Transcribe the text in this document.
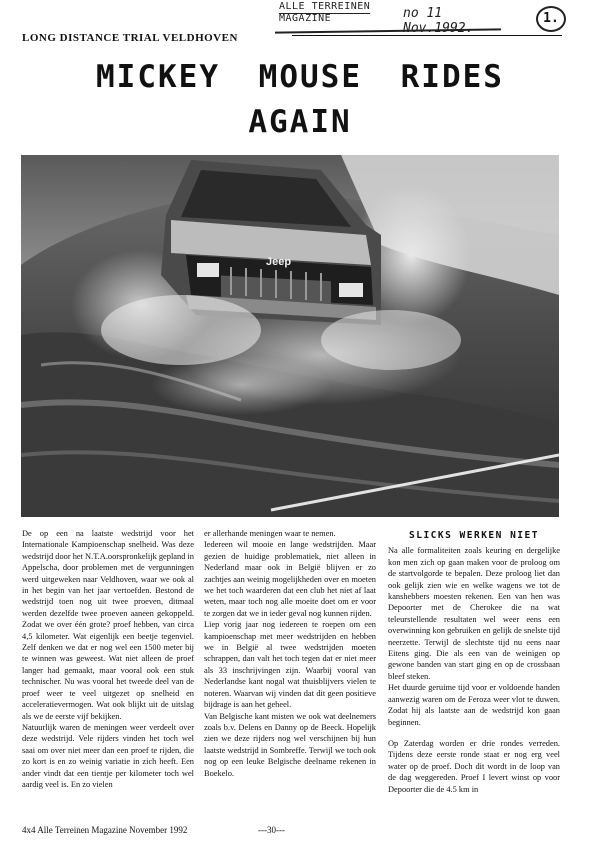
ALLE TERREINEN
MAGAZINE	no 11 Nov.1992.
1.
LONG DISTANCE TRIAL VELDHOVEN
MICKEY MOUSE RIDES
AGAIN
Jeep

De op een na laatste wedstrijd voor het Internationale Kampioenschap snelheid. Was deze wedstrijd door het N.T.A.oorspronkelijk gepland in Appelscha, door problemen met de vergunningen werd uitgeweken naar Veldhoven, waar we ook al in het begin van het jaar vertoefden. Bestond de wedstrijd toen nog uit twee proeven, ditmaal werden dezelfde twee proeven aaneen gekoppeld. Zodat we over één grote? proef hebben, van circa 4,5 kilometer. Wat eigenlijk een beetje tegenviel. Zelf denken we dat er nog wel een 1500 meter bij te winnen was geweest. Wat niet alleen de proef langer had gemaakt, maar vooral ook een stuk technischer. Nu was vooral het tweede deel van de proef weer te veel uitgezet op snelheid en acceleratievermogen. Wat ook blijkt uit de uitslag als we de eerste vijf bekijken.

Natuurlijk waren de meningen weer verdeelt over deze wedstrijd. Vele rijders vinden het toch wel saai om over niet meer dan een proef te rijden, die zo kort is en zo weinig variatie in zich heeft. Een ander vindt dat een tientje per kilometer toch wel aardig veel is. En zo vielen

er allerhande meningen waar te nemen.

Iedereen wil mooie en lange wedstrijden. Maar gezien de huidige problematiek, niet alleen in Nederland maar ook in België blijven er zo zachtjes aan weinig mogelijkheden over en moeten we het toch waarderen dat een club het niet af laat weten, maar toch nog alle moeite doet om er voor te zorgen dat we in ieder geval nog kunnen rijden.

Liep vorig jaar nog iedereen te roepen om een kampioenschap met meer wedstrijden en hebben we in België al twee wedstrijden moeten schrappen, dan valt het toch tegen dat er niet meer als 33 inschrijvingen zijn. Waarbij vooral van Nederlandse kant nogal wat thuisblijvers vielen te noteren. Waarvan wij vinden dat dit geen positieve bijdrage is aan het geheel.

Van Belgische kant misten we ook wat deelnemers zoals b.v. Delens en Danny op de Beeck. Hopelijk zien we deze rijders nog wel verschijnen bij hun laatste wedstrijd in Sombreffe. Terwijl we toch ook nog op een leuke Belgische deelname rekenen in Boekelo.

SLICKS WERKEN NIET

Na alle formaliteiten zoals keuring en dergelijke kon men zich op gaan maken voor de proloog om de startvolgorde te bepalen. Deze proloog liet dan ook gelijk zien wie en welke wagens we tot de kanshebbers moesten rekenen. Een van hen was Depoorter met de Cherokee die na wat teleurstellende resultaten wel weer eens een overwinning kon gebruiken en gelijk de snelste tijd neerzette. Terwijl de slechtste tijd nu eens naar Eitens ging. Die als een van de weinigen op gewone banden van start ging en op de crossbaan bleef steken.

Het duurde geruime tijd voor er voldoende handen aanwezig waren om de Feroza weer vlot te duwen. Zodat hij als laatste aan de wedstrijd kon gaan beginnen.

Op Zaterdag worden er drie rondes verreden. Tijdens deze eerste ronde staat er nog erg veel water op de proef. Doch dit wordt in de loop van de dag weggereden. Proef I levert winst op voor Depoorter die de 4.5 km in

4x4 Alle Terreinen Magazine November 1992	---30---
